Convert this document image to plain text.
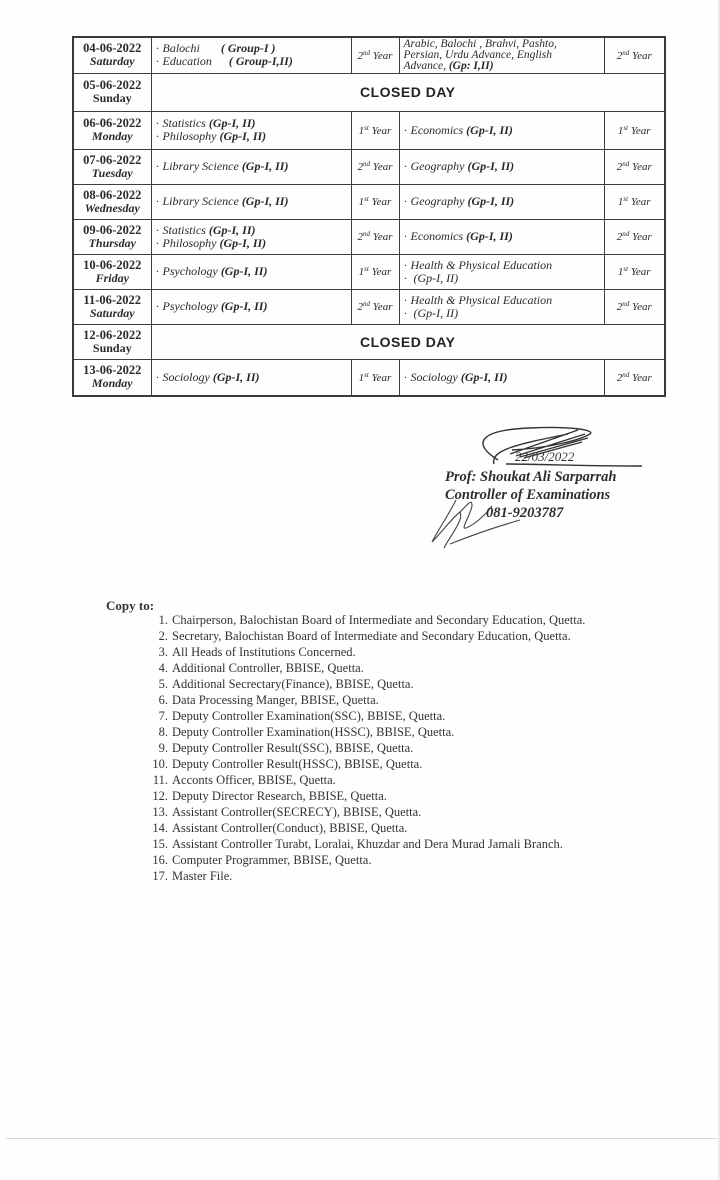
04-06-2022
Saturday	· Balochi ( Group-I )
· Education ( Group-I,II)	2nd Year	Arabic, Balochi , Brahvi, Pashto,
Persian, Urdu Advance, English
Advance, (Gp: I,II)	2nd Year

05-06-2022
Sunday	CLOSED DAY			

06-06-2022
Monday	· Statistics (Gp-I, II)
· Philosophy (Gp-I, II)	1st Year	· Economics (Gp-I, II)	1st Year

07-06-2022
Tuesday	· Library Science (Gp-I, II)	2nd Year	· Geography (Gp-I, II)	2nd Year

08-06-2022
Wednesday	· Library Science (Gp-I, II)	1st Year	· Geography (Gp-I, II)	1st Year

09-06-2022
Thursday	· Statistics (Gp-I, II)
· Philosophy (Gp-I, II)	2nd Year	· Economics (Gp-I, II)	2nd Year

10-06-2022
Friday	· Psychology (Gp-I, II)	1st Year	· Health & Physical Education
· (Gp-I, II)	1st Year

11-06-2022
Saturday	· Psychology (Gp-I, II)	2nd Year	· Health & Physical Education
· (Gp-I, II)	2nd Year

12-06-2022
Sunday	CLOSED DAY			

13-06-2022
Monday	· Sociology (Gp-I, II)	1st Year	· Sociology (Gp-I, II)	2nd Year
22/03/2022
Prof: Shoukat Ali Sarparrah
Controller of Examinations
081-9203787
Copy to:
1. Chairperson, Balochistan Board of Intermediate and Secondary Education, Quetta.
2. Secretary, Balochistan Board of Intermediate and Secondary Education, Quetta.
3. All Heads of Institutions Concerned.
4. Additional Controller, BBISE, Quetta.
5. Additional Secrectary(Finance), BBISE, Quetta.
6. Data Processing Manger, BBISE, Quetta.
7. Deputy Controller Examination(SSC), BBISE, Quetta.
8. Deputy Controller Examination(HSSC), BBISE, Quetta.
9. Deputy Controller Result(SSC), BBISE, Quetta.
10. Deputy Controller Result(HSSC), BBISE, Quetta.
11. Acconts Officer, BBISE, Quetta.
12. Deputy Director Research, BBISE, Quetta.
13. Assistant Controller(SECRECY), BBISE, Quetta.
14. Assistant Controller(Conduct), BBISE, Quetta.
15. Assistant Controller Turabt, Loralai, Khuzdar and Dera Murad Jamali Branch.
16. Computer Programmer, BBISE, Quetta.
17. Master File.
